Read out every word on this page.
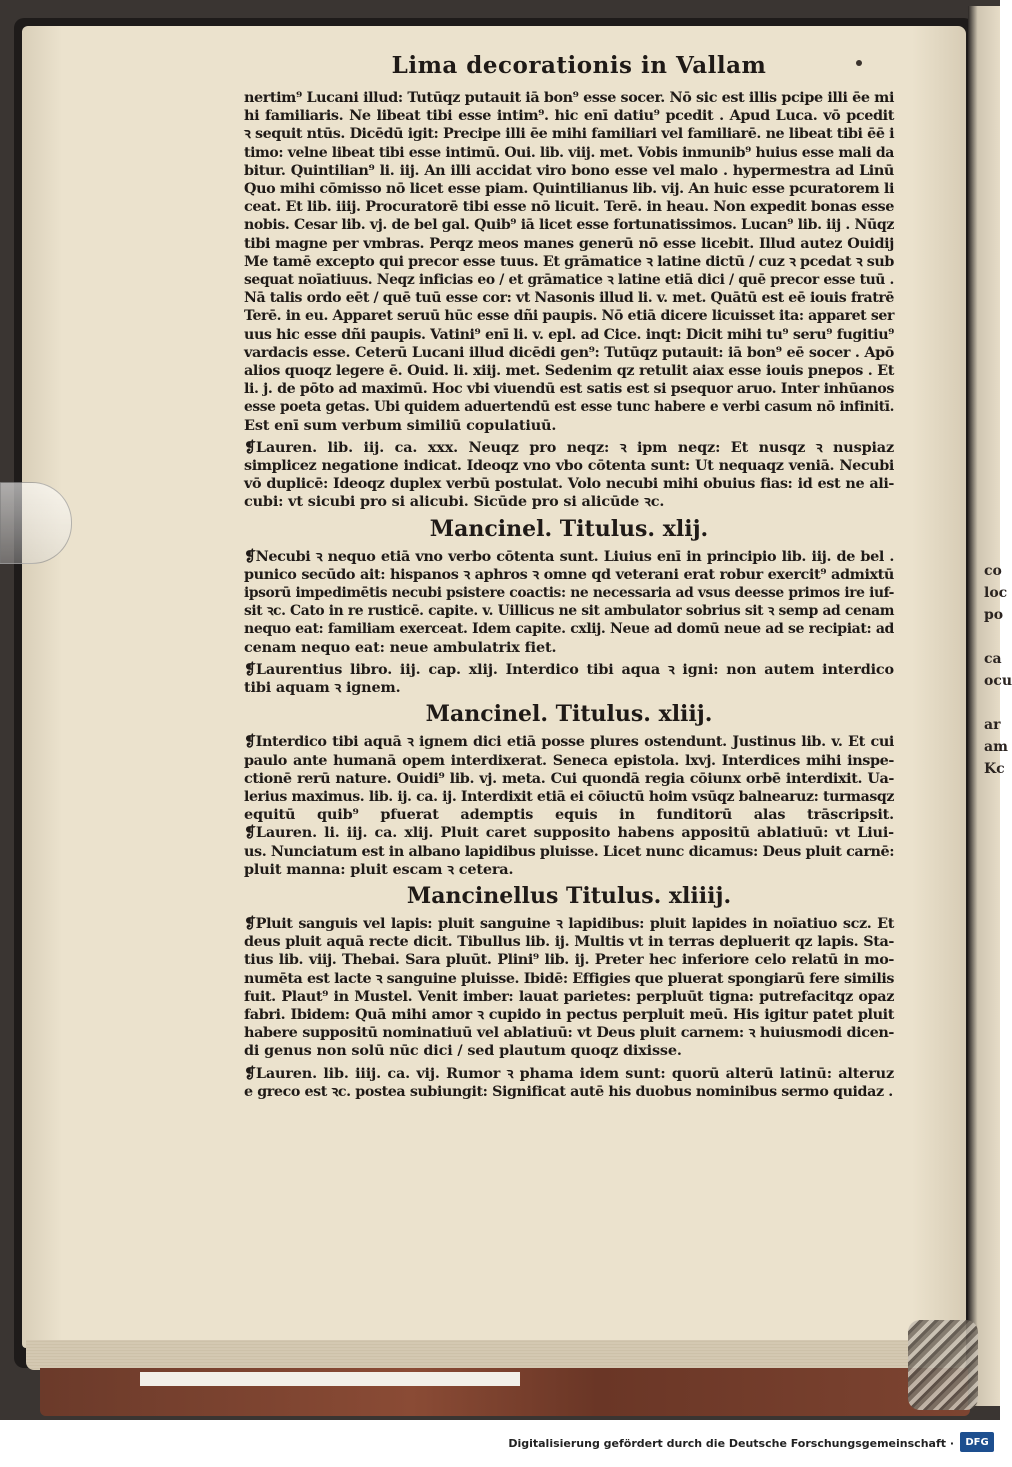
co
loc
po

ca
ocu

ar
am
Kc
Lima decorationis in Vallam
nertim⁹ Lucani illud: Tutūqz putauit iā bon⁹ esse socer. Nō sic est illis pcipe illi ēe mi
hi familiaris. Ne libeat tibi esse intim⁹. hic enī datiu⁹ pcedit . Apud Luca. vō pcedit
ꝛ sequit ntūs. Dicēdū igit: Precipe illi ēe mihi familiari vel familiarē. ne libeat tibi ēē i
timo: velne libeat tibi esse intimū. Oui. lib. viij. met. Vobis inmunib⁹ huius esse mali da
bitur. Quintilian⁹ li. iij. An illi accidat viro bono esse vel malo . hypermestra ad Linū
Quo mihi cōmisso nō licet esse piam. Quintilianus lib. vij. An huic esse pcuratorem li
ceat. Et lib. iiij. Procuratorē tibi esse nō licuit. Terē. in heau. Non expedit bonas esse
nobis. Cesar lib. vj. de bel gal. Quib⁹ iā licet esse fortunatissimos. Lucan⁹ lib. iij . Nūqz
tibi magne per vmbras. Perqz meos manes generū nō esse licebit. Illud autez Ouidij
Me tamē excepto qui precor esse tuus. Et grāmatice ꝛ latine dictū / cuz ꝛ pcedat ꝛ sub
sequat noīatiuus. Neqz inficias eo / et grāmatice ꝛ latine etiā dici / quē precor esse tuū .
Nā talis ordo eēt / quē tuū esse cor: vt Nasonis illud li. v. met. Quātū est eē iouis fratrē
Terē. in eu. Apparet seruū hūc esse dñi paupis. Nō etiā dicere licuisset ita: apparet ser
uus hic esse dñi paupis. Vatini⁹ enī li. v. epl. ad Cice. inqt: Dicit mihi tu⁹ seru⁹ fugitiu⁹
vardacis esse. Ceterū Lucani illud dicēdi gen⁹: Tutūqz putauit: iā bon⁹ eē socer . Apō
alios quoqz legere ē. Ouid. li. xiij. met. Sedenim qz retulit aiax esse iouis pnepos . Et
li. j. de pōto ad maximū. Hoc vbi viuendū est satis est si psequor aruo. Inter inhūanos
esse poeta getas. Ubi quidem aduertendū est esse tunc habere e verbi casum nō infinitī.
Est enī sum verbum similiū copulatiuū.
❡Lauren. lib. iij. ca. xxx. Neuqz pro neqz: ꝛ ipm neqz: Et nusqz ꝛ nuspiaz
simplicez negatione indicat. Ideoqz vno vbo cōtenta sunt: Ut nequaqz veniā. Necubi
vō duplicē: Ideoqz duplex verbū postulat. Volo necubi mihi obuius fias: id est ne ali-
cubi: vt sicubi pro si alicubi. Sicūde pro si alicūde ꝛc.
Mancinel. Titulus. xlij.
❡Necubi ꝛ nequo etiā vno verbo cōtenta sunt. Liuius enī in principio lib. iij. de bel .
punico secūdo ait: hispanos ꝛ aphros ꝛ omne qd veterani erat robur exercit⁹ admixtū
ipsorū impedimētis necubi psistere coactis: ne necessaria ad vsus deesse primos ire iuf-
sit ꝛc. Cato in re rusticē. capite. v. Uillicus ne sit ambulator sobrius sit ꝛ semp ad cenam
nequo eat: familiam exerceat. Idem capite. cxlij. Neue ad domū neue ad se recipiat: ad
cenam nequo eat: neue ambulatrix fiet.
❡Laurentius libro. iij. cap. xlij. Interdico tibi aqua ꝛ igni: non autem interdico
tibi aquam ꝛ ignem.
Mancinel. Titulus. xliij.
❡Interdico tibi aquā ꝛ ignem dici etiā posse plures ostendunt. Justinus lib. v. Et cui
paulo ante humanā opem interdixerat. Seneca epistola. lxvj. Interdices mihi inspe-
ctionē rerū nature. Ouidi⁹ lib. vj. meta. Cui quondā regia cōiunx orbē interdixit. Ua-
lerius maximus. lib. ij. ca. ij. Interdixit etiā ei cōiuctū hoim vsūqz balnearuz: turmasqz
equitū quib⁹ pfuerat ademptis equis in funditorū alas trāscripsit.
❡Lauren. li. iij. ca. xlij. Pluit caret supposito habens appositū ablatiuū: vt Liui-
us. Nunciatum est in albano lapidibus pluisse. Licet nunc dicamus: Deus pluit carnē:
pluit manna: pluit escam ꝛ cetera.
Mancinellus Titulus. xliiij.
❡Pluit sanguis vel lapis: pluit sanguine ꝛ lapidibus: pluit lapides in noīatiuo scz. Et
deus pluit aquā recte dicit. Tibullus lib. ij. Multis vt in terras depluerit qz lapis. Sta-
tius lib. viij. Thebai. Sara pluūt. Plini⁹ lib. ij. Preter hec inferiore celo relatū in mo-
numēta est lacte ꝛ sanguine pluisse. Ibidē: Effigies que pluerat spongiarū fere similis
fuit. Plaut⁹ in Mustel. Venit imber: lauat parietes: perpluūt tigna: putrefacitqz opaz
fabri. Ibidem: Quā mihi amor ꝛ cupido in pectus perpluit meū. His igitur patet pluit
habere suppositū nominatiuū vel ablatiuū: vt Deus pluit carnem: ꝛ huiusmodi dicen-
di genus non solū nūc dici / sed plautum quoqz dixisse.
❡Lauren. lib. iiij. ca. vij. Rumor ꝛ phama idem sunt: quorū alterū latinū: alteruz
e greco est ꝛc. postea subiungit: Significat autē his duobus nominibus sermo quidaz .
Digitalisierung gefördert durch die Deutsche Forschungsgemeinschaft ·	DFG
